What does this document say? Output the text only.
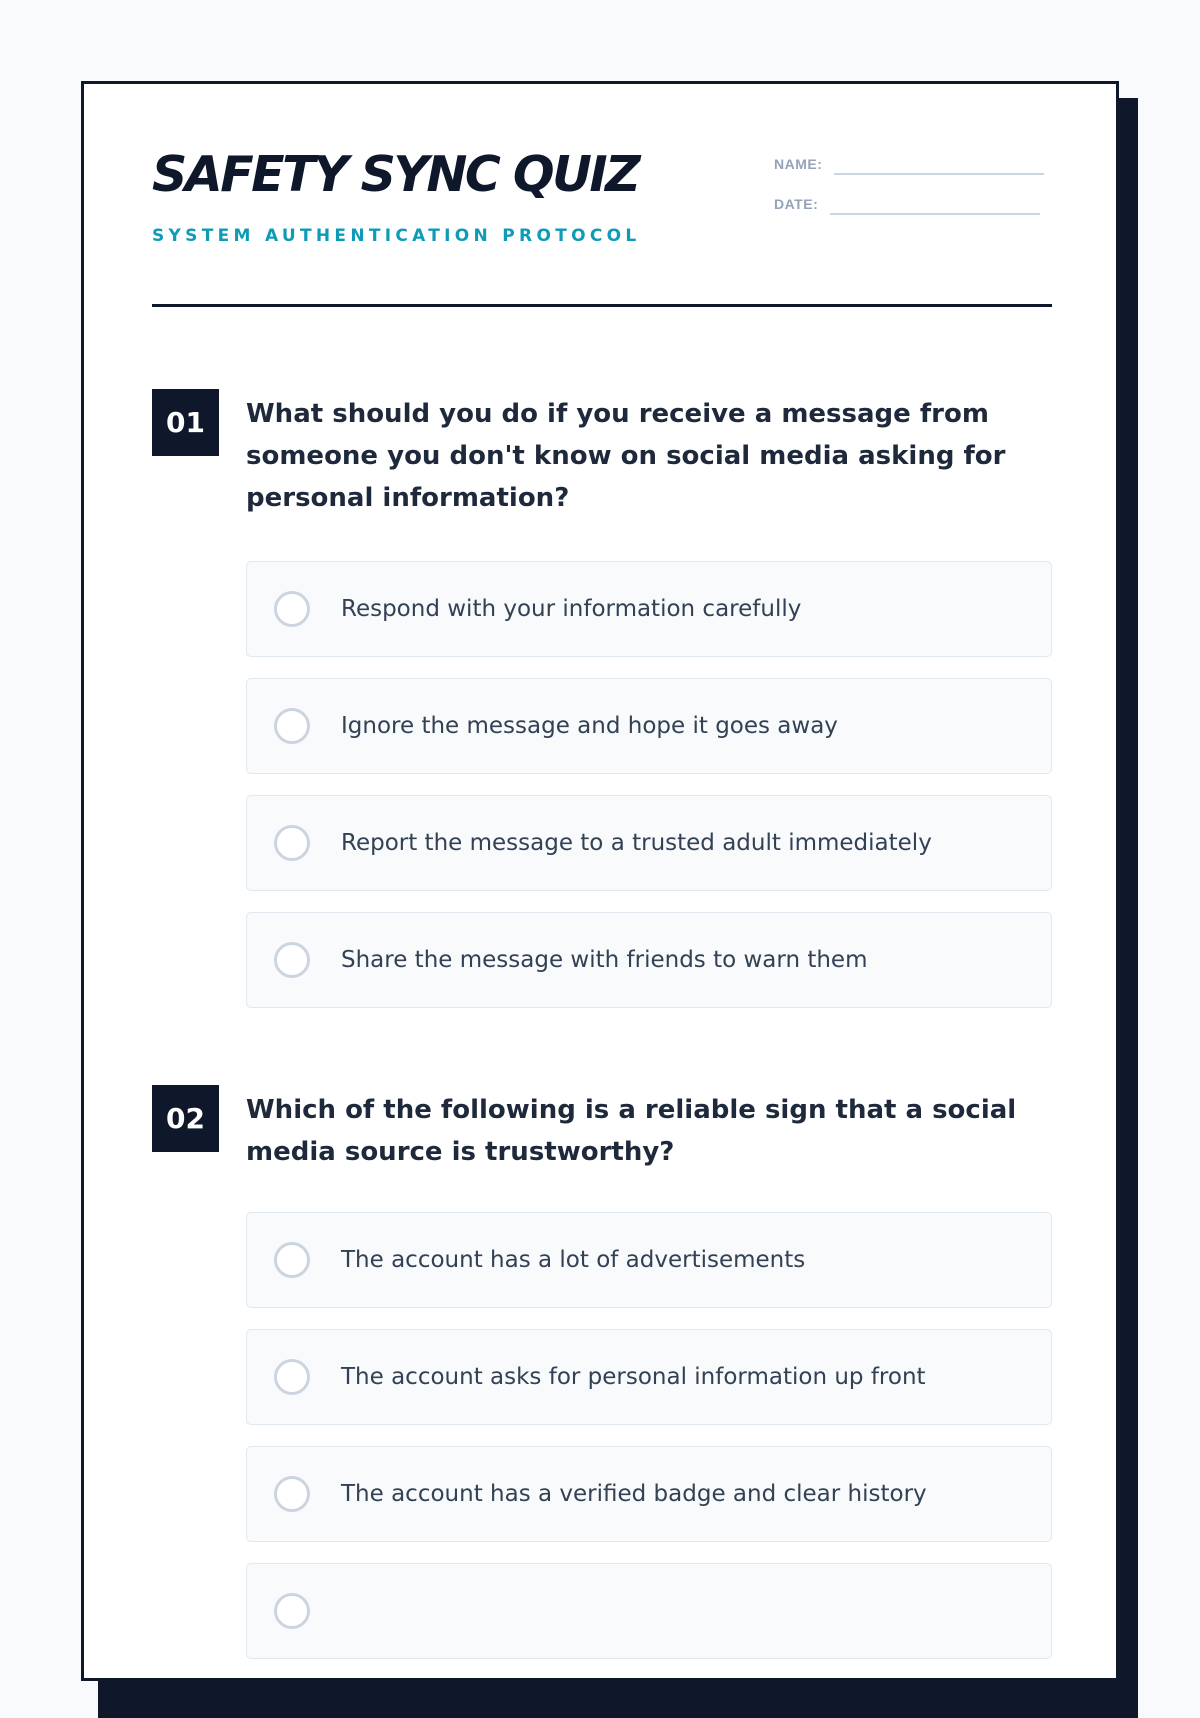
SAFETY SYNC QUIZ
SYSTEM AUTHENTICATION PROTOCOL
NAME:
DATE:
01	What should you do if you receive a message from someone you don't know on social media asking for personal information?

Respond with your information carefully
Ignore the message and hope it goes away
Report the message to a trusted adult immediately
Share the message with friends to warn them
02	Which of the following is a reliable sign that a social media source is trustworthy?

The account has a lot of advertisements
The account asks for personal information up front
The account has a verified badge and clear history
